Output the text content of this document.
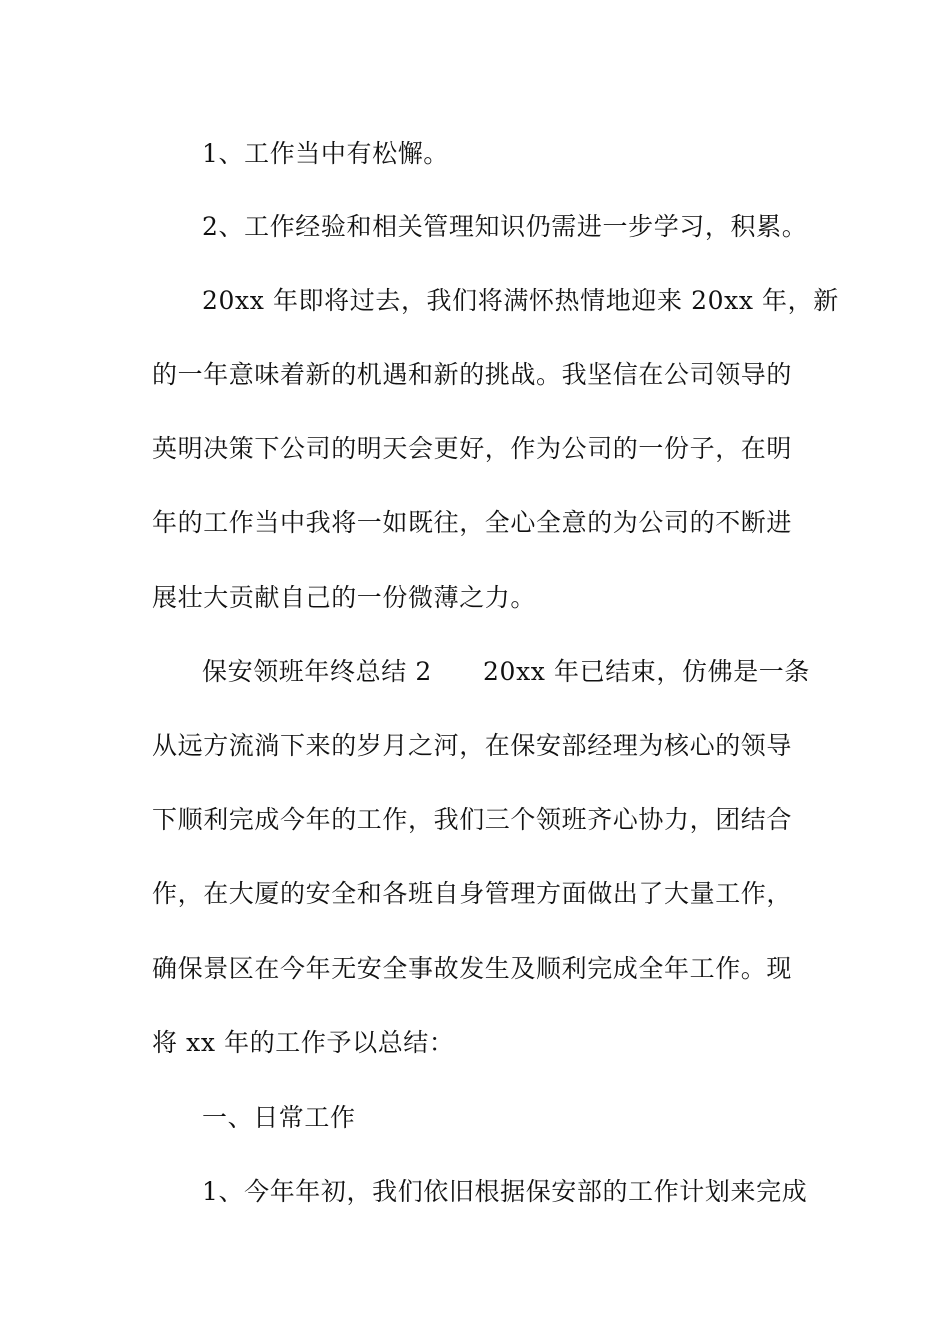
1、工作当中有松懈。
2、工作经验和相关管理知识仍需进一步学习，积累。
20xx 年即将过去，我们将满怀热情地迎来 20xx 年，新
的一年意味着新的机遇和新的挑战。我坚信在公司领导的
英明决策下公司的明天会更好，作为公司的一份子，在明
年的工作当中我将一如既往，全心全意的为公司的不断进
展壮大贡献自己的一份微薄之力。
保安领班年终总结 2　　20xx 年已结束，仿佛是一条
从远方流淌下来的岁月之河，在保安部经理为核心的领导
下顺利完成今年的工作，我们三个领班齐心协力，团结合
作，在大厦的安全和各班自身管理方面做出了大量工作，
确保景区在今年无安全事故发生及顺利完成全年工作。现
将 xx 年的工作予以总结：
一、日常工作
1、今年年初，我们依旧根据保安部的工作计划来完成
